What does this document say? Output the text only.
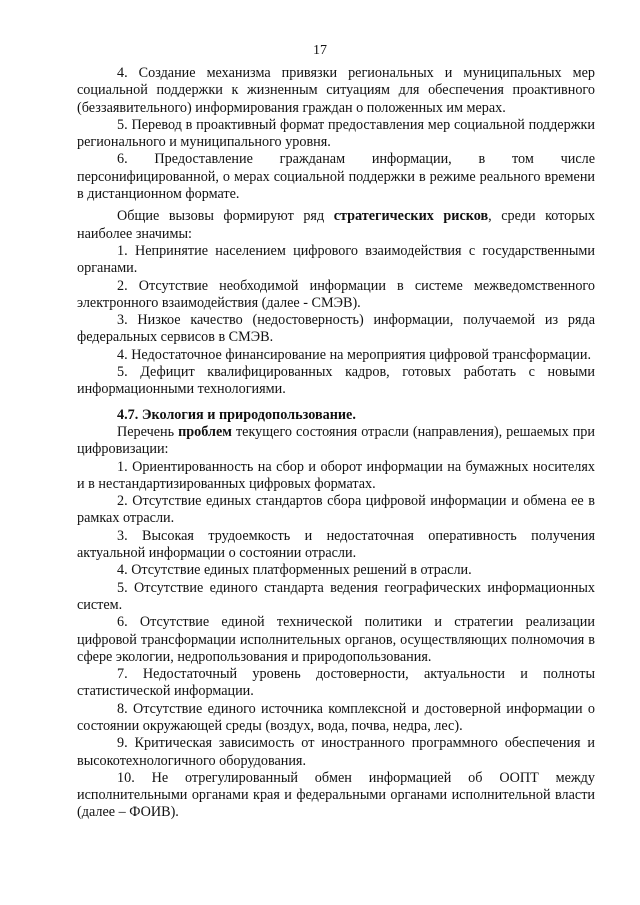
17

4. Создание механизма привязки региональных и муниципальных мер социальной поддержки к жизненным ситуациям для обеспечения проактивного (беззаявительного) информирования граждан о положенных им мерах.

5. Перевод в проактивный формат предоставления мер социальной поддержки регионального и муниципального уровня.

6. Предоставление гражданам информации, в том числе персонифицированной, о мерах социальной поддержки в режиме реального времени в дистанционном формате.

Общие вызовы формируют ряд стратегических рисков, среди которых наиболее значимы:

1. Непринятие населением цифрового взаимодействия с государственными органами.

2. Отсутствие необходимой информации в системе межведомственного электронного взаимодействия (далее - СМЭВ).

3. Низкое качество (недостоверность) информации, получаемой из ряда федеральных сервисов в СМЭВ.

4. Недостаточное финансирование на мероприятия цифровой трансформации.

5. Дефицит квалифицированных кадров, готовых работать с новыми информационными технологиями.

4.7. Экология и природопользование.

Перечень проблем текущего состояния отрасли (направления), решаемых при цифровизации:

1. Ориентированность на сбор и оборот информации на бумажных носителях и в нестандартизированных цифровых форматах.

2. Отсутствие единых стандартов сбора цифровой информации и обмена ее в рамках отрасли.

3. Высокая трудоемкость и недостаточная оперативность получения актуальной информации о состоянии отрасли.

4. Отсутствие единых платформенных решений в отрасли.

5. Отсутствие единого стандарта ведения географических информационных систем.

6. Отсутствие единой технической политики и стратегии реализации цифровой трансформации исполнительных органов, осуществляющих полномочия в сфере экологии, недропользования и природопользования.

7. Недостаточный уровень достоверности, актуальности и полноты статистической информации.

8. Отсутствие единого источника комплексной и достоверной информации о состоянии окружающей среды (воздух, вода, почва, недра, лес).

9. Критическая зависимость от иностранного программного обеспечения и высокотехнологичного оборудования.

10. Не отрегулированный обмен информацией об ООПТ между исполнительными органами края и федеральными органами исполнительной власти (далее – ФОИВ).
